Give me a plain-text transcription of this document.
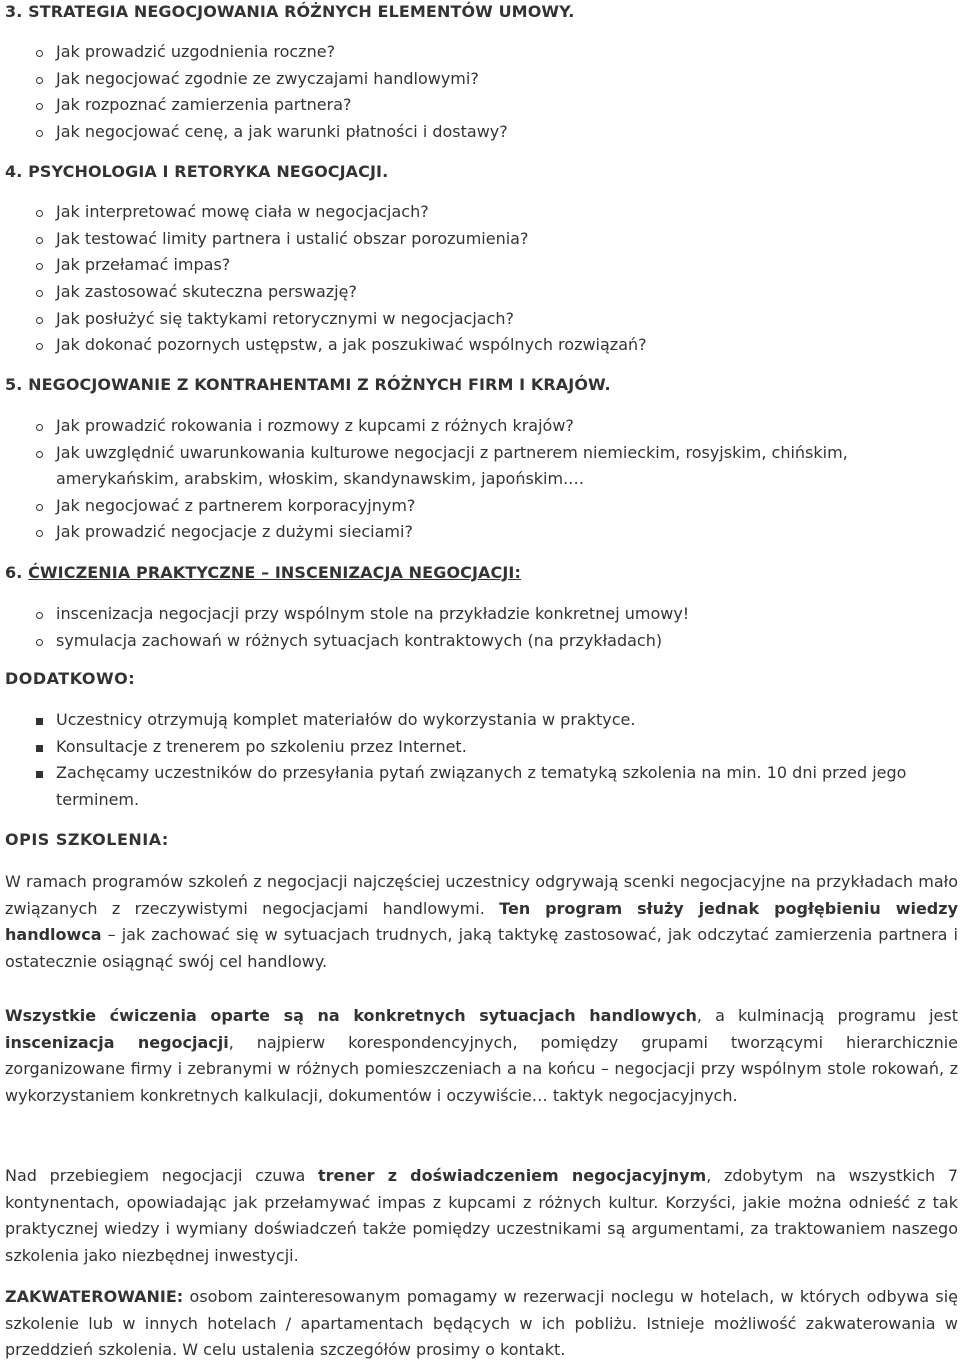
3. STRATEGIA NEGOCJOWANIA RÓŻNYCH ELEMENTÓW UMOWY.
Jak prowadzić uzgodnienia roczne?
Jak negocjować zgodnie ze zwyczajami handlowymi?
Jak rozpoznać zamierzenia partnera?
Jak negocjować cenę, a jak warunki płatności i dostawy?
4. PSYCHOLOGIA I RETORYKA NEGOCJACJI.
Jak interpretować mowę ciała w negocjacjach?
Jak testować limity partnera i ustalić obszar porozumienia?
Jak przełamać impas?
Jak zastosować skuteczna perswazję?
Jak posłużyć się taktykami retorycznymi w negocjacjach?
Jak dokonać pozornych ustępstw, a jak poszukiwać wspólnych rozwiązań?
5. NEGOCJOWANIE Z KONTRAHENTAMI Z RÓŻNYCH FIRM I KRAJÓW.
Jak prowadzić rokowania i rozmowy z kupcami z różnych krajów?
Jak uwzględnić uwarunkowania kulturowe negocjacji z partnerem niemieckim, rosyjskim, chińskim, amerykańskim, arabskim, włoskim, skandynawskim, japońskim.…
Jak negocjować z partnerem korporacyjnym?
Jak prowadzić negocjacje z dużymi sieciami?
6. ĆWICZENIA PRAKTYCZNE – INSCENIZACJA NEGOCJACJI:
inscenizacja negocjacji przy wspólnym stole na przykładzie konkretnej umowy!
symulacja zachowań w różnych sytuacjach kontraktowych (na przykładach)
DODATKOWO:
Uczestnicy otrzymują komplet materiałów do wykorzystania w praktyce.
Konsultacje z trenerem po szkoleniu przez Internet.
Zachęcamy uczestników do przesyłania pytań związanych z tematyką szkolenia na min. 10 dni przed jego terminem.
OPIS SZKOLENIA:

W ramach programów szkoleń z negocjacji najczęściej uczestnicy odgrywają scenki negocjacyjne na przykładach mało związanych z rzeczywistymi negocjacjami handlowymi. Ten program służy jednak pogłębieniu wiedzy handlowca – jak zachować się w sytuacjach trudnych, jaką taktykę zastosować, jak odczytać zamierzenia partnera i ostatecznie osiągnąć swój cel handlowy.

Wszystkie ćwiczenia oparte są na konkretnych sytuacjach handlowych, a kulminacją programu jest inscenizacja negocjacji, najpierw korespondencyjnych, pomiędzy grupami tworzącymi hierarchicznie zorganizowane firmy i zebranymi w różnych pomieszczeniach a na końcu – negocjacji przy wspólnym stole rokowań, z wykorzystaniem konkretnych kalkulacji, dokumentów i oczywiście… taktyk negocjacyjnych.

Nad przebiegiem negocjacji czuwa trener z doświadczeniem negocjacyjnym, zdobytym na wszystkich 7 kontynentach, opowiadając jak przełamywać impas z kupcami z różnych kultur. Korzyści, jakie można odnieść z tak praktycznej wiedzy i wymiany doświadczeń także pomiędzy uczestnikami są argumentami, za traktowaniem naszego szkolenia jako niezbędnej inwestycji.

ZAKWATEROWANIE: osobom zainteresowanym pomagamy w rezerwacji noclegu w hotelach, w których odbywa się szkolenie lub w innych hotelach / apartamentach będących w ich pobliżu. Istnieje możliwość zakwaterowania w przeddzień szkolenia. W celu ustalenia szczegółów prosimy o kontakt.
